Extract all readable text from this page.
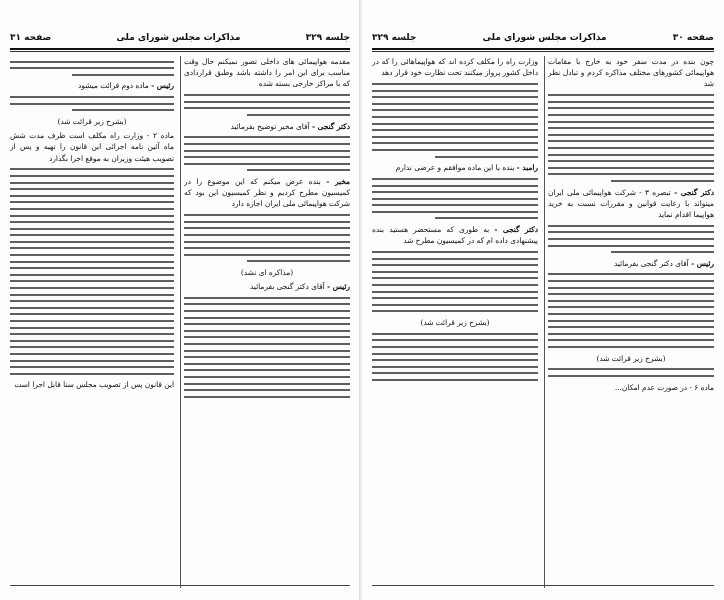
جلسه ۳۲۹
مذاکرات مجلس شورای ملی
صفحه ۳۱

مقدمه هواپیمائی های داخلی تصور نمیکنم حال وقت مناسب برای این امر را داشته باشد وطبق قراردادی که با مراکز خارجی بسته شده

دکتر گنجی - آقای مخبر توضیح بفرمائید

مخبر - بنده عرض میکنم که این موضوع را در کمیسیون مطرح کردیم و نظر کمیسیون این بود که شرکت هواپیمائی ملی ایران اجازه دارد

(مذاکره ای نشد)

رئیس - آقای دکتر گنجی بفرمائید

رئیس - ماده دوم قرائت میشود

(بشرح زیر قرائت شد)

ماده ۲ - وزارت راه مکلف است ظرف مدت شش ماه آئین نامه اجرائی این قانون را تهیه و پس از تصویب هیئت وزیران به موقع اجرا بگذارد

این قانون پس از تصویب مجلس سنا قابل اجرا است

صفحه ۳۰
مذاکرات مجلس شورای ملی
جلسه ۳۲۹

چون بنده در مدت سفر خود به خارج با مقامات هواپیمائی کشورهای مختلف مذاکره کردم و تبادل نظر شد

دکتر گنجی - تبصره ۳ - شرکت هواپیمائی ملی ایران میتواند با رعایت قوانین و مقررات نسبت به خرید هواپیما اقدام نماید

رئیس - آقای دکتر گنجی بفرمائید

(بشرح زیر قرائت شد)

ماده ۶ - در صورت عدم امکان...

وزارت راه را مکلف کرده اند که هواپیماهائی را که در داخل کشور پرواز میکنند تحت نظارت خود قرار دهد

رامبد - بنده با این ماده موافقم و عرضی ندارم

دکتر گنجی - به طوری که مستحضر هستید بنده پیشنهادی داده ام که در کمیسیون مطرح شد

(بشرح زیر قرائت شد)
